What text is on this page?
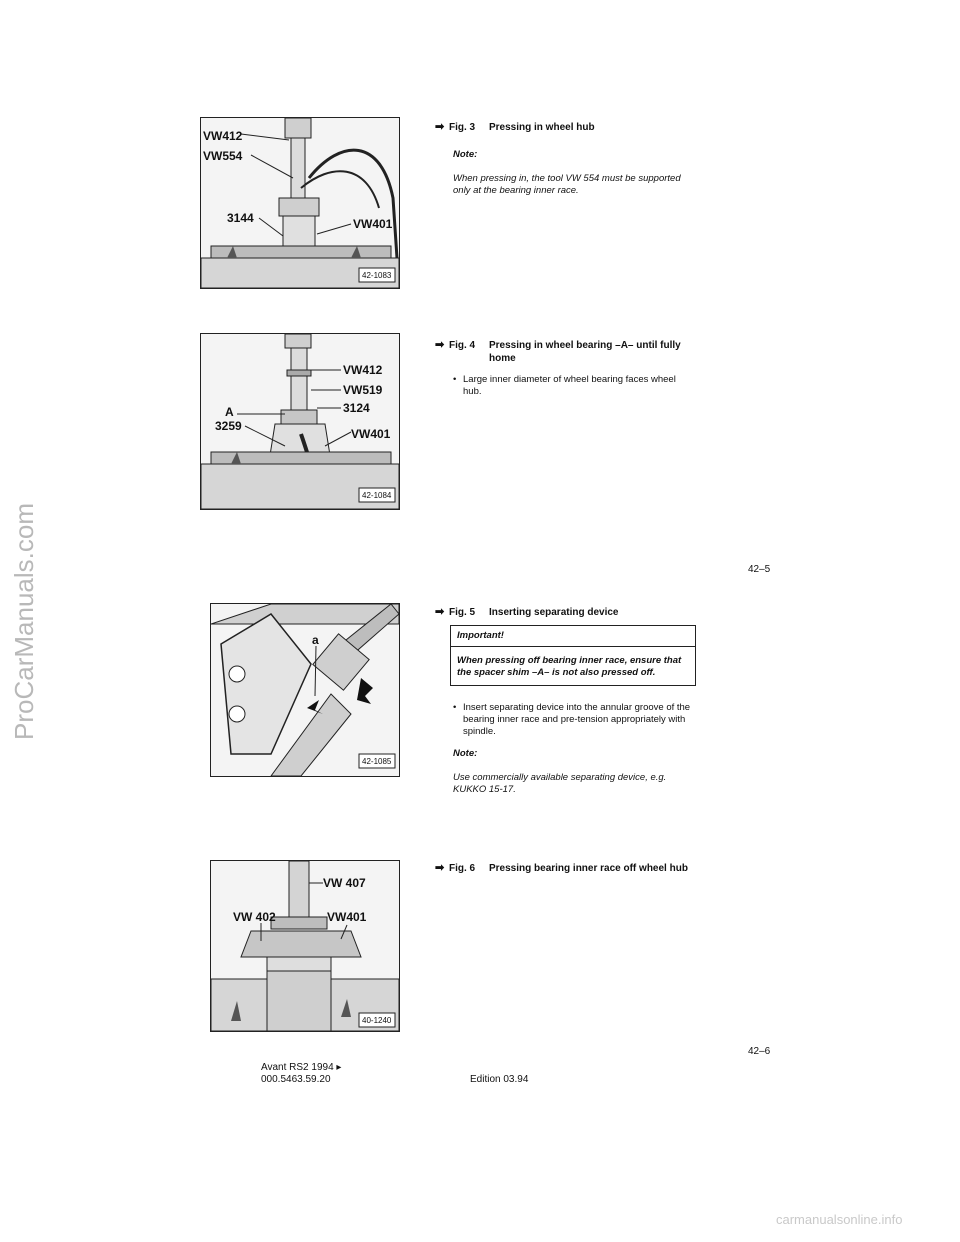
ProCarManuals.com
carmanualsonline.info
VW412
VW554
3144	VW401
42-1083
➡ Fig. 3	Pressing in wheel hub
Note:
When pressing in, the tool VW 554 must be supported only at the bearing inner race.
VW412
VW519
A	3124
3259
VW401
42-1084
➡ Fig. 4	Pressing in wheel bearing –A– until fully home
• Large inner diameter of wheel bearing faces wheel hub.
42–5
a
42-1085
➡ Fig. 5	Inserting separating device
Important!
When pressing off bearing inner race, ensure that the spacer shim –A– is not also pressed off.
• Insert separating device into the annular groove of the bearing inner race and pre-tension appropriately with spindle.
Note:
Use commercially available separating device, e.g. KUKKO 15-17.
VW 407
VW 402	VW401
40-1240
➡ Fig. 6	Pressing bearing inner race off wheel hub
42–6
Avant RS2 1994 ▸
000.5463.59.20	Edition 03.94
